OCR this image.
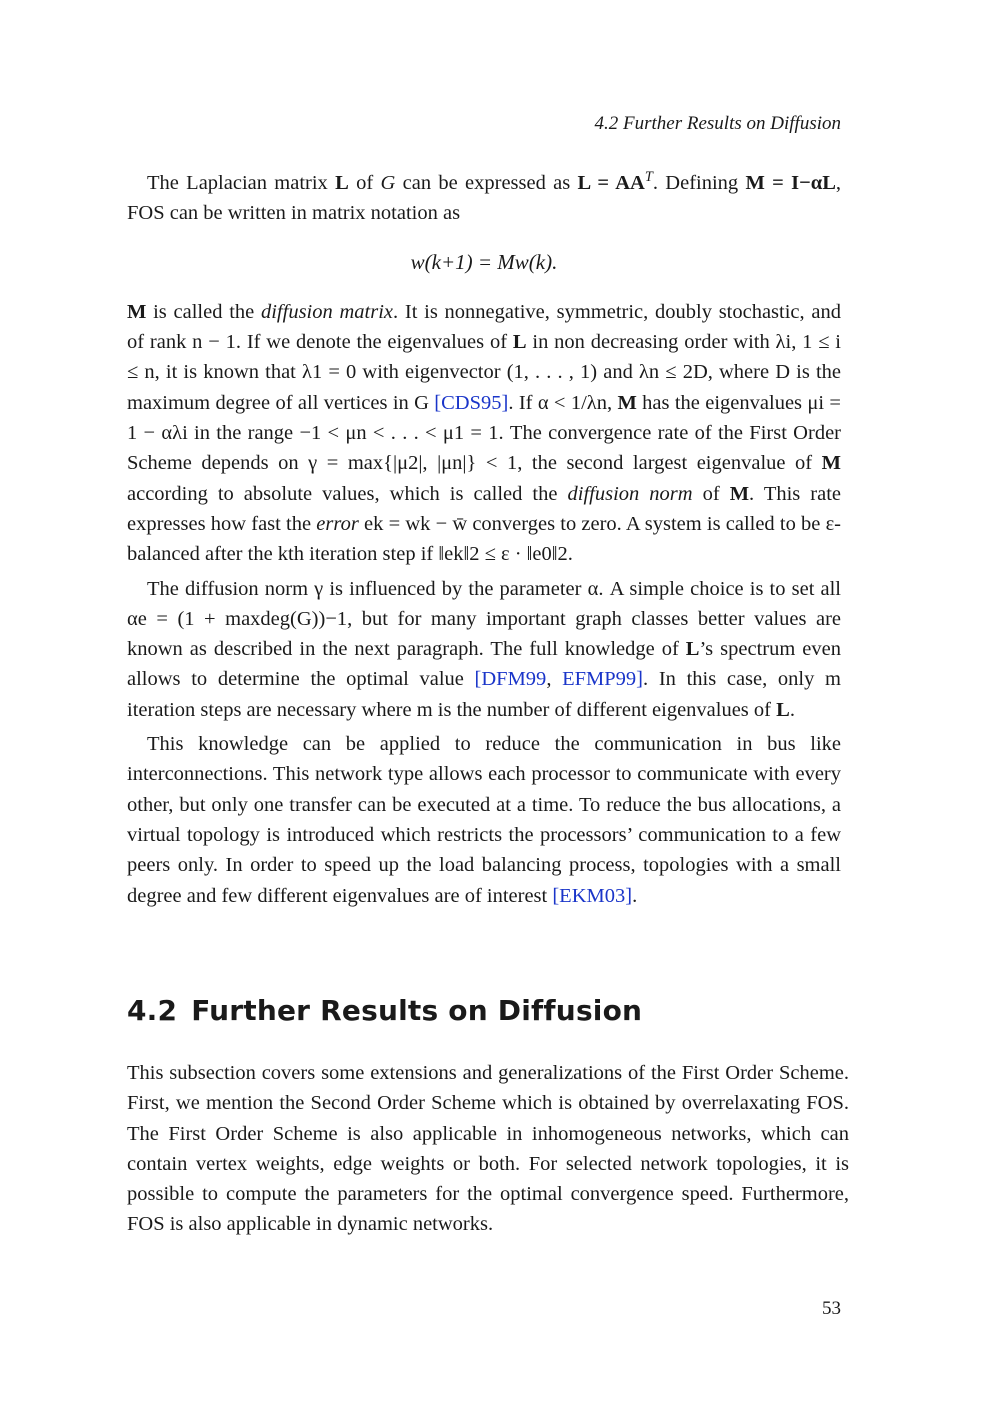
4.2 Further Results on Diffusion

The Laplacian matrix L of G can be expressed as $L = AA^T$. Defining M = I−αL, FOS can be written in matrix notation as

w(k+1) = Mw(k).

M is called the diffusion matrix. It is nonnegative, symmetric, doubly stochastic, and of rank n − 1. If we denote the eigenvalues of L in non decreasing order with λi, 1 ≤ i ≤ n, it is known that λ1 = 0 with eigenvector (1, . . . , 1) and λn ≤ 2D, where D is the maximum degree of all vertices in G [CDS95]. If α < 1/λn, M has the eigenvalues μi = 1 − αλi in the range −1 < μn < . . . < μ1 = 1. The convergence rate of the First Order Scheme depends on γ = max{|μ2|, |μn|} < 1, the second largest eigenvalue of M according to absolute values, which is called the diffusion norm of M. This rate expresses how fast the error ek = wk − w̄ converges to zero. A system is called to be ε-balanced after the kth iteration step if ‖ek‖2 ≤ ε · ‖e0‖2.

The diffusion norm γ is influenced by the parameter α. A simple choice is to set all αe = (1 + maxdeg(G))−1, but for many important graph classes better values are known as described in the next paragraph. The full knowledge of L’s spectrum even allows to determine the optimal value [DFM99, EFMP99]. In this case, only m iteration steps are necessary where m is the number of different eigenvalues of L.

This knowledge can be applied to reduce the communication in bus like interconnections. This network type allows each processor to communicate with every other, but only one transfer can be executed at a time. To reduce the bus allocations, a virtual topology is introduced which restricts the processors’ communication to a few peers only. In order to speed up the load balancing process, topologies with a small degree and few different eigenvalues are of interest [EKM03].

4.2 Further Results on Diffusion

This subsection covers some extensions and generalizations of the First Order Scheme. First, we mention the Second Order Scheme which is obtained by overrelaxating FOS. The First Order Scheme is also applicable in inhomogeneous networks, which can contain vertex weights, edge weights or both. For selected network topologies, it is possible to compute the parameters for the optimal convergence speed. Furthermore, FOS is also applicable in dynamic networks.

53
